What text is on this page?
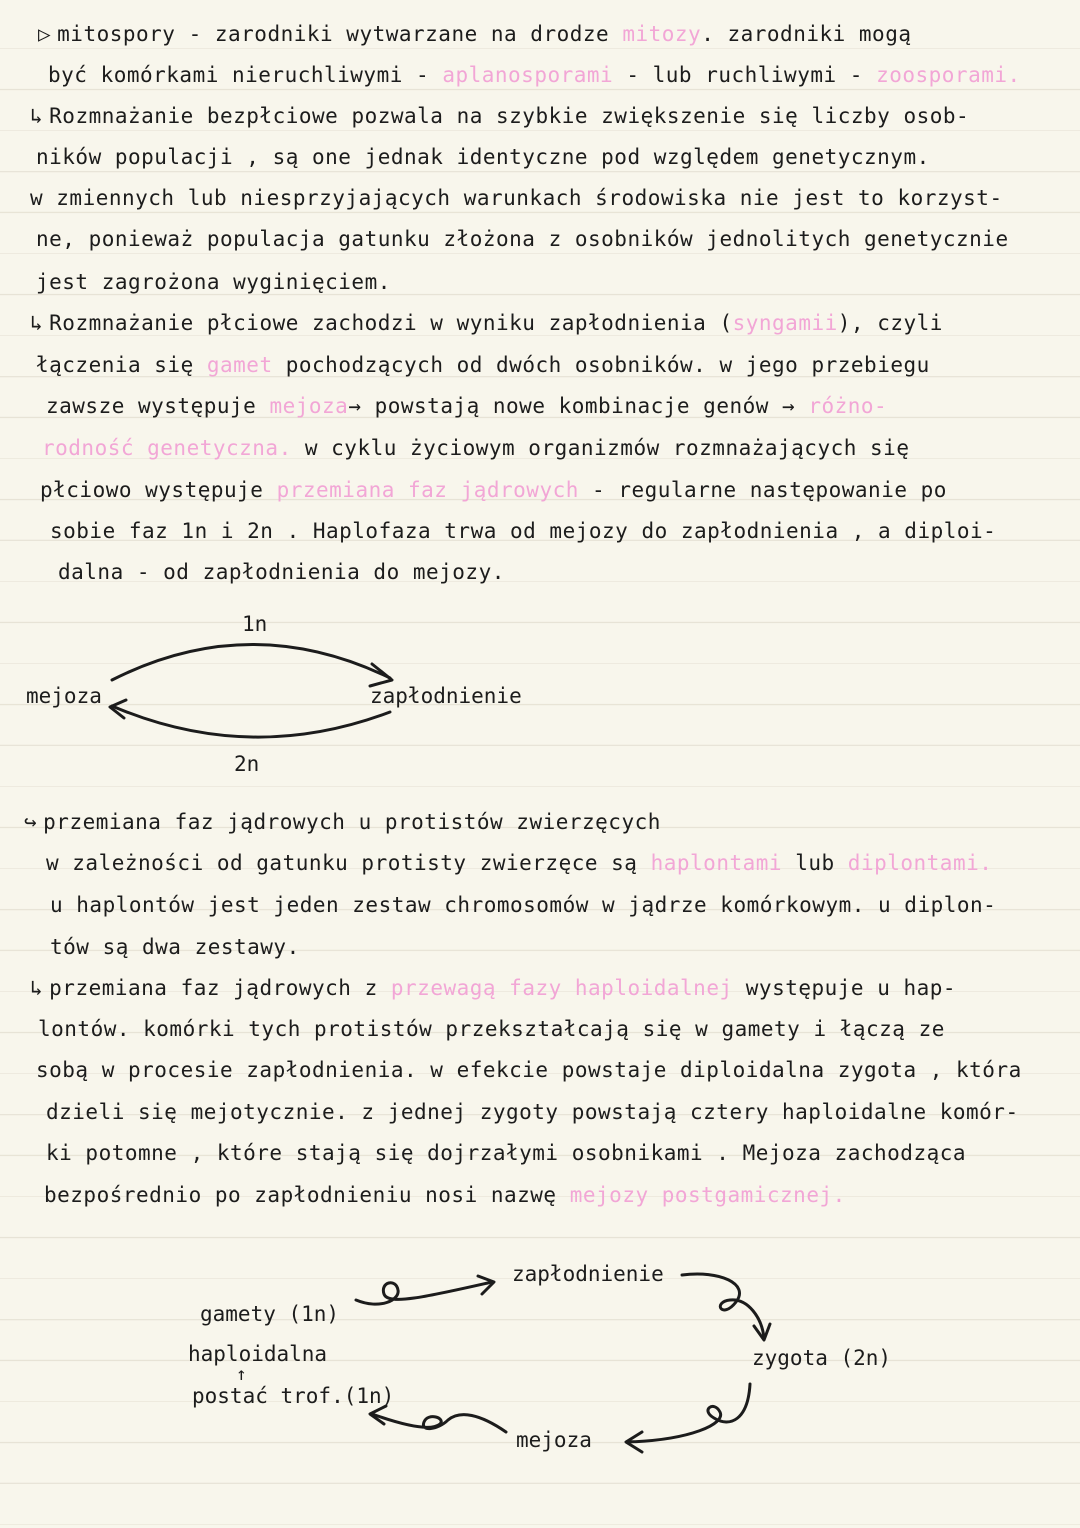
▷ mitospory - zarodniki wytwarzane na drodze mitozy. zarodniki mogą
być komórkami nieruchliwymi - aplanosporami - lub ruchliwymi - zoosporami.
↳ Rozmnażanie bezpłciowe pozwala na szybkie zwiększenie się liczby osob-
ników populacji , są one jednak identyczne pod względem genetycznym.
w zmiennych lub niesprzyjających warunkach środowiska nie jest to korzyst-
ne, ponieważ populacja gatunku złożona z osobników jednolitych genetycznie
jest zagrożona wyginięciem.
↳ Rozmnażanie płciowe zachodzi w wyniku zapłodnienia (syngamii), czyli
łączenia się gamet pochodzących od dwóch osobników. w jego przebiegu
zawsze występuje mejoza→ powstają nowe kombinacje genów → różno-
rodność genetyczna. w cyklu życiowym organizmów rozmnażających się
płciowo występuje przemiana faz jądrowych - regularne następowanie po
sobie faz 1n i 2n . Haplofaza trwa od mejozy do zapłodnienia , a diploi-
dalna - od zapłodnienia do mejozy.
1n
mejoza	zapłodnienie
2n
↪ przemiana faz jądrowych u protistów zwierzęcych
w zależności od gatunku protisty zwierzęce są haplontami lub diplontami.
u haplontów jest jeden zestaw chromosomów w jądrze komórkowym. u diplon-
tów są dwa zestawy.
↳ przemiana faz jądrowych z przewagą fazy haploidalnej występuje u hap-
lontów. komórki tych protistów przekształcają się w gamety i łączą ze
sobą w procesie zapłodnienia. w efekcie powstaje diploidalna zygota , która
dzieli się mejotycznie. z jednej zygoty powstają cztery haploidalne komór-
ki potomne , które stają się dojrzałymi osobnikami . Mejoza zachodząca
bezpośrednio po zapłodnieniu nosi nazwę mejozy postgamicznej.
zapłodnienie
gamety (1n)
haploidalna
↑
postać trof.(1n)
zygota (2n)
mejoza
